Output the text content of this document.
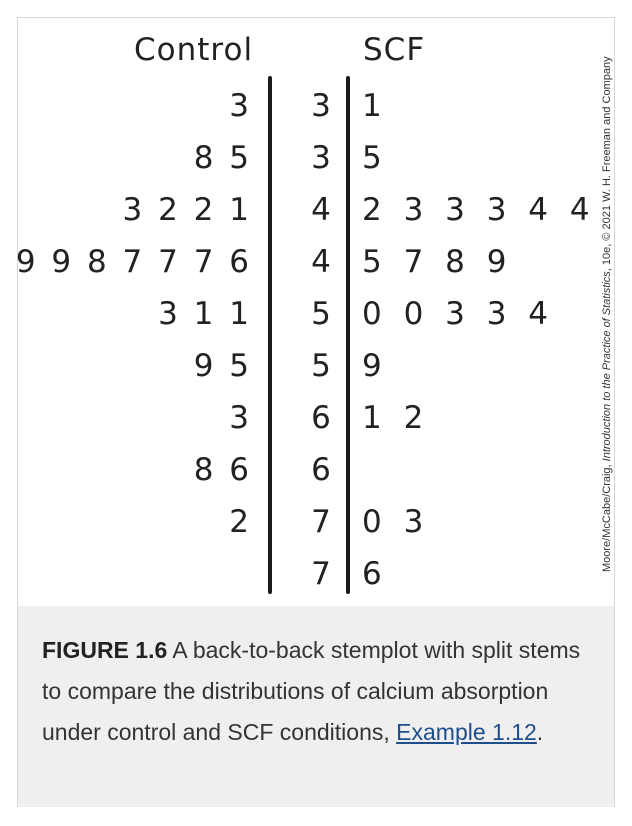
Control	SCF
3 3 1
8 5 3 5
3 2 2 1 4 2 3 3 3 4 4
9 9 8 7 7 7 6 4 5 7 8 9
3 1 1 5 0 0 3 3 4
9 5 5 9
3 6 1 2
8 6 6
2 7 0 3
7 6
Moore/McCabe/Craig, Introduction to the Practice of Statistics, 10e, © 2021 W. H. Freeman and Company
FIGURE 1.6 A back-to-back stemplot with split stems to compare the distributions of calcium absorption under control and SCF conditions, Example 1.12.
